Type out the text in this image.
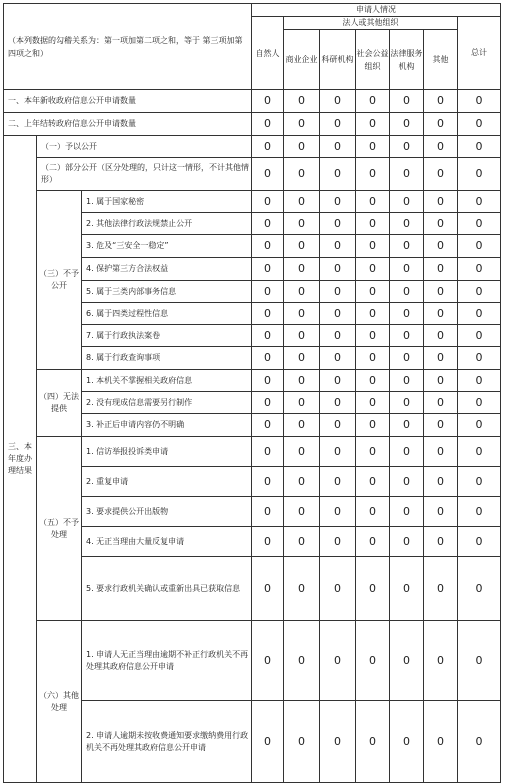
（本列数据的勾稽关系为：第一项加第二项之和，等于 第三项加第四项之和）			申请人情况						
			自然人	法人或其他组织					总计
				商业企业	科研机构	社会公益组织	法律服务机构	其他	

一、本年新收政府信息公开申请数量			0	0	0	0	0	0	0
二、上年结转政府信息公开申请数量			0	0	0	0	0	0	0
三、本年度办理结果	（一）予以公开		0	0	0	0	0	0	0
	（二）部分公开（区分处理的，只计这一情形，不计其他情形）		0	0	0	0	0	0	0
	（三）不予公开	1. 属于国家秘密	0	0	0	0	0	0	0
		2. 其他法律行政法规禁止公开	0	0	0	0	0	0	0
		3. 危及“三安全一稳定”	0	0	0	0	0	0	0
		4. 保护第三方合法权益	0	0	0	0	0	0	0
		5. 属于三类内部事务信息	0	0	0	0	0	0	0
		6. 属于四类过程性信息	0	0	0	0	0	0	0
		7. 属于行政执法案卷	0	0	0	0	0	0	0
		8. 属于行政查询事项	0	0	0	0	0	0	0
	（四）无法提供	1. 本机关不掌握相关政府信息	0	0	0	0	0	0	0
		2. 没有现成信息需要另行制作	0	0	0	0	0	0	0
		3. 补正后申请内容仍不明确	0	0	0	0	0	0	0
	（五）不予处理	1. 信访举报投诉类申请	0	0	0	0	0	0	0
		2. 重复申请	0	0	0	0	0	0	0
		3. 要求提供公开出版物	0	0	0	0	0	0	0
		4. 无正当理由大量反复申请	0	0	0	0	0	0	0
		5. 要求行政机关确认或重新出具已获取信息	0	0	0	0	0	0	0
	（六）其他处理	1. 申请人无正当理由逾期不补正行政机关不再处理其政府信息公开申请	0	0	0	0	0	0	0
		2. 申请人逾期未按收费通知要求缴纳费用行政机关不再处理其政府信息公开申请	0	0	0	0	0	0	0
